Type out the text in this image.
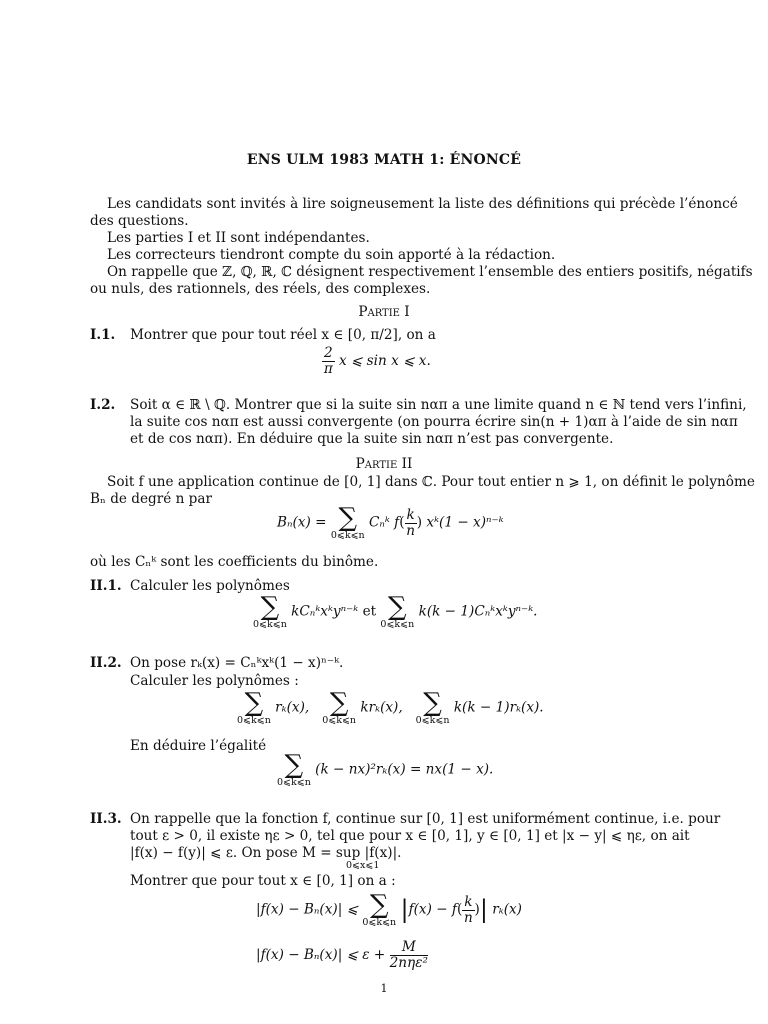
ENS ULM 1983 MATH 1: ÉNONCÉ
Les candidats sont invités à lire soigneusement la liste des définitions qui précède l’énoncé
des questions.
Les parties I et II sont indépendantes.
Les correcteurs tiendront compte du soin apporté à la rédaction.
On rappelle que ℤ, ℚ, ℝ, ℂ désignent respectivement l’ensemble des entiers positifs, négatifs
ou nuls, des rationnels, des réels, des complexes.
Partie I
I.1. Montrer que pour tout réel x ∈ [0, π/2], on a
$\frac{2}{\pi}$ x ⩽ sin x ⩽ x.
I.2. Soit α ∈ ℝ \ ℚ. Montrer que si la suite sin nαπ a une limite quand n ∈ ℕ tend vers l’infini,
la suite cos nαπ est aussi convergente (on pourra écrire sin(n + 1)απ à l’aide de sin nαπ
et de cos nαπ). En déduire que la suite sin nαπ n’est pas convergente.
Partie II
Soit f une application continue de [0, 1] dans ℂ. Pour tout entier n ⩾ 1, on définit le polynôme
Bₙ de degré n par
Bₙ(x) = ∑
0⩽k⩽n
Cₙᵏ $f( \frac{k}{n}$ ) xᵏ(1 − x)ⁿ⁻ᵏ
où les Cₙᵏ sont les coefficients du binôme.
II.1. Calculer les polynômes
∑
0⩽k⩽n
kCₙᵏxᵏyⁿ⁻ᵏ et ∑
0⩽k⩽n
k(k − 1)Cₙᵏxᵏyⁿ⁻ᵏ.
II.2. On pose rₖ(x) = Cₙᵏxᵏ(1 − x)ⁿ⁻ᵏ.
Calculer les polynômes :
∑
0⩽k⩽n
rₖ(x), ∑
0⩽k⩽n
krₖ(x), ∑
0⩽k⩽n
k(k − 1)rₖ(x).
En déduire l’égalité
∑
0⩽k⩽n
(k − nx)²rₖ(x) = nx(1 − x).
II.3. On rappelle que la fonction f, continue sur [0, 1] est uniformément continue, i.e. pour
tout ε > 0, il existe ηε > 0, tel que pour x ∈ [0, 1], y ∈ [0, 1] et |x − y| ⩽ ηε, on ait
|f(x) − f(y)| ⩽ ε. On pose M = sup |f(x)|.
0⩽x⩽1
Montrer que pour tout x ∈ [0, 1] on a :
|f(x) − Bₙ(x)| ⩽ ∑
0⩽k⩽n $|f(x) - f( \frac{k}{n}$ )| rₖ(x)
|f(x) − Bₙ(x)| ⩽ $\varepsilon + \frac{M}{\text{2nηε²}}$
1
